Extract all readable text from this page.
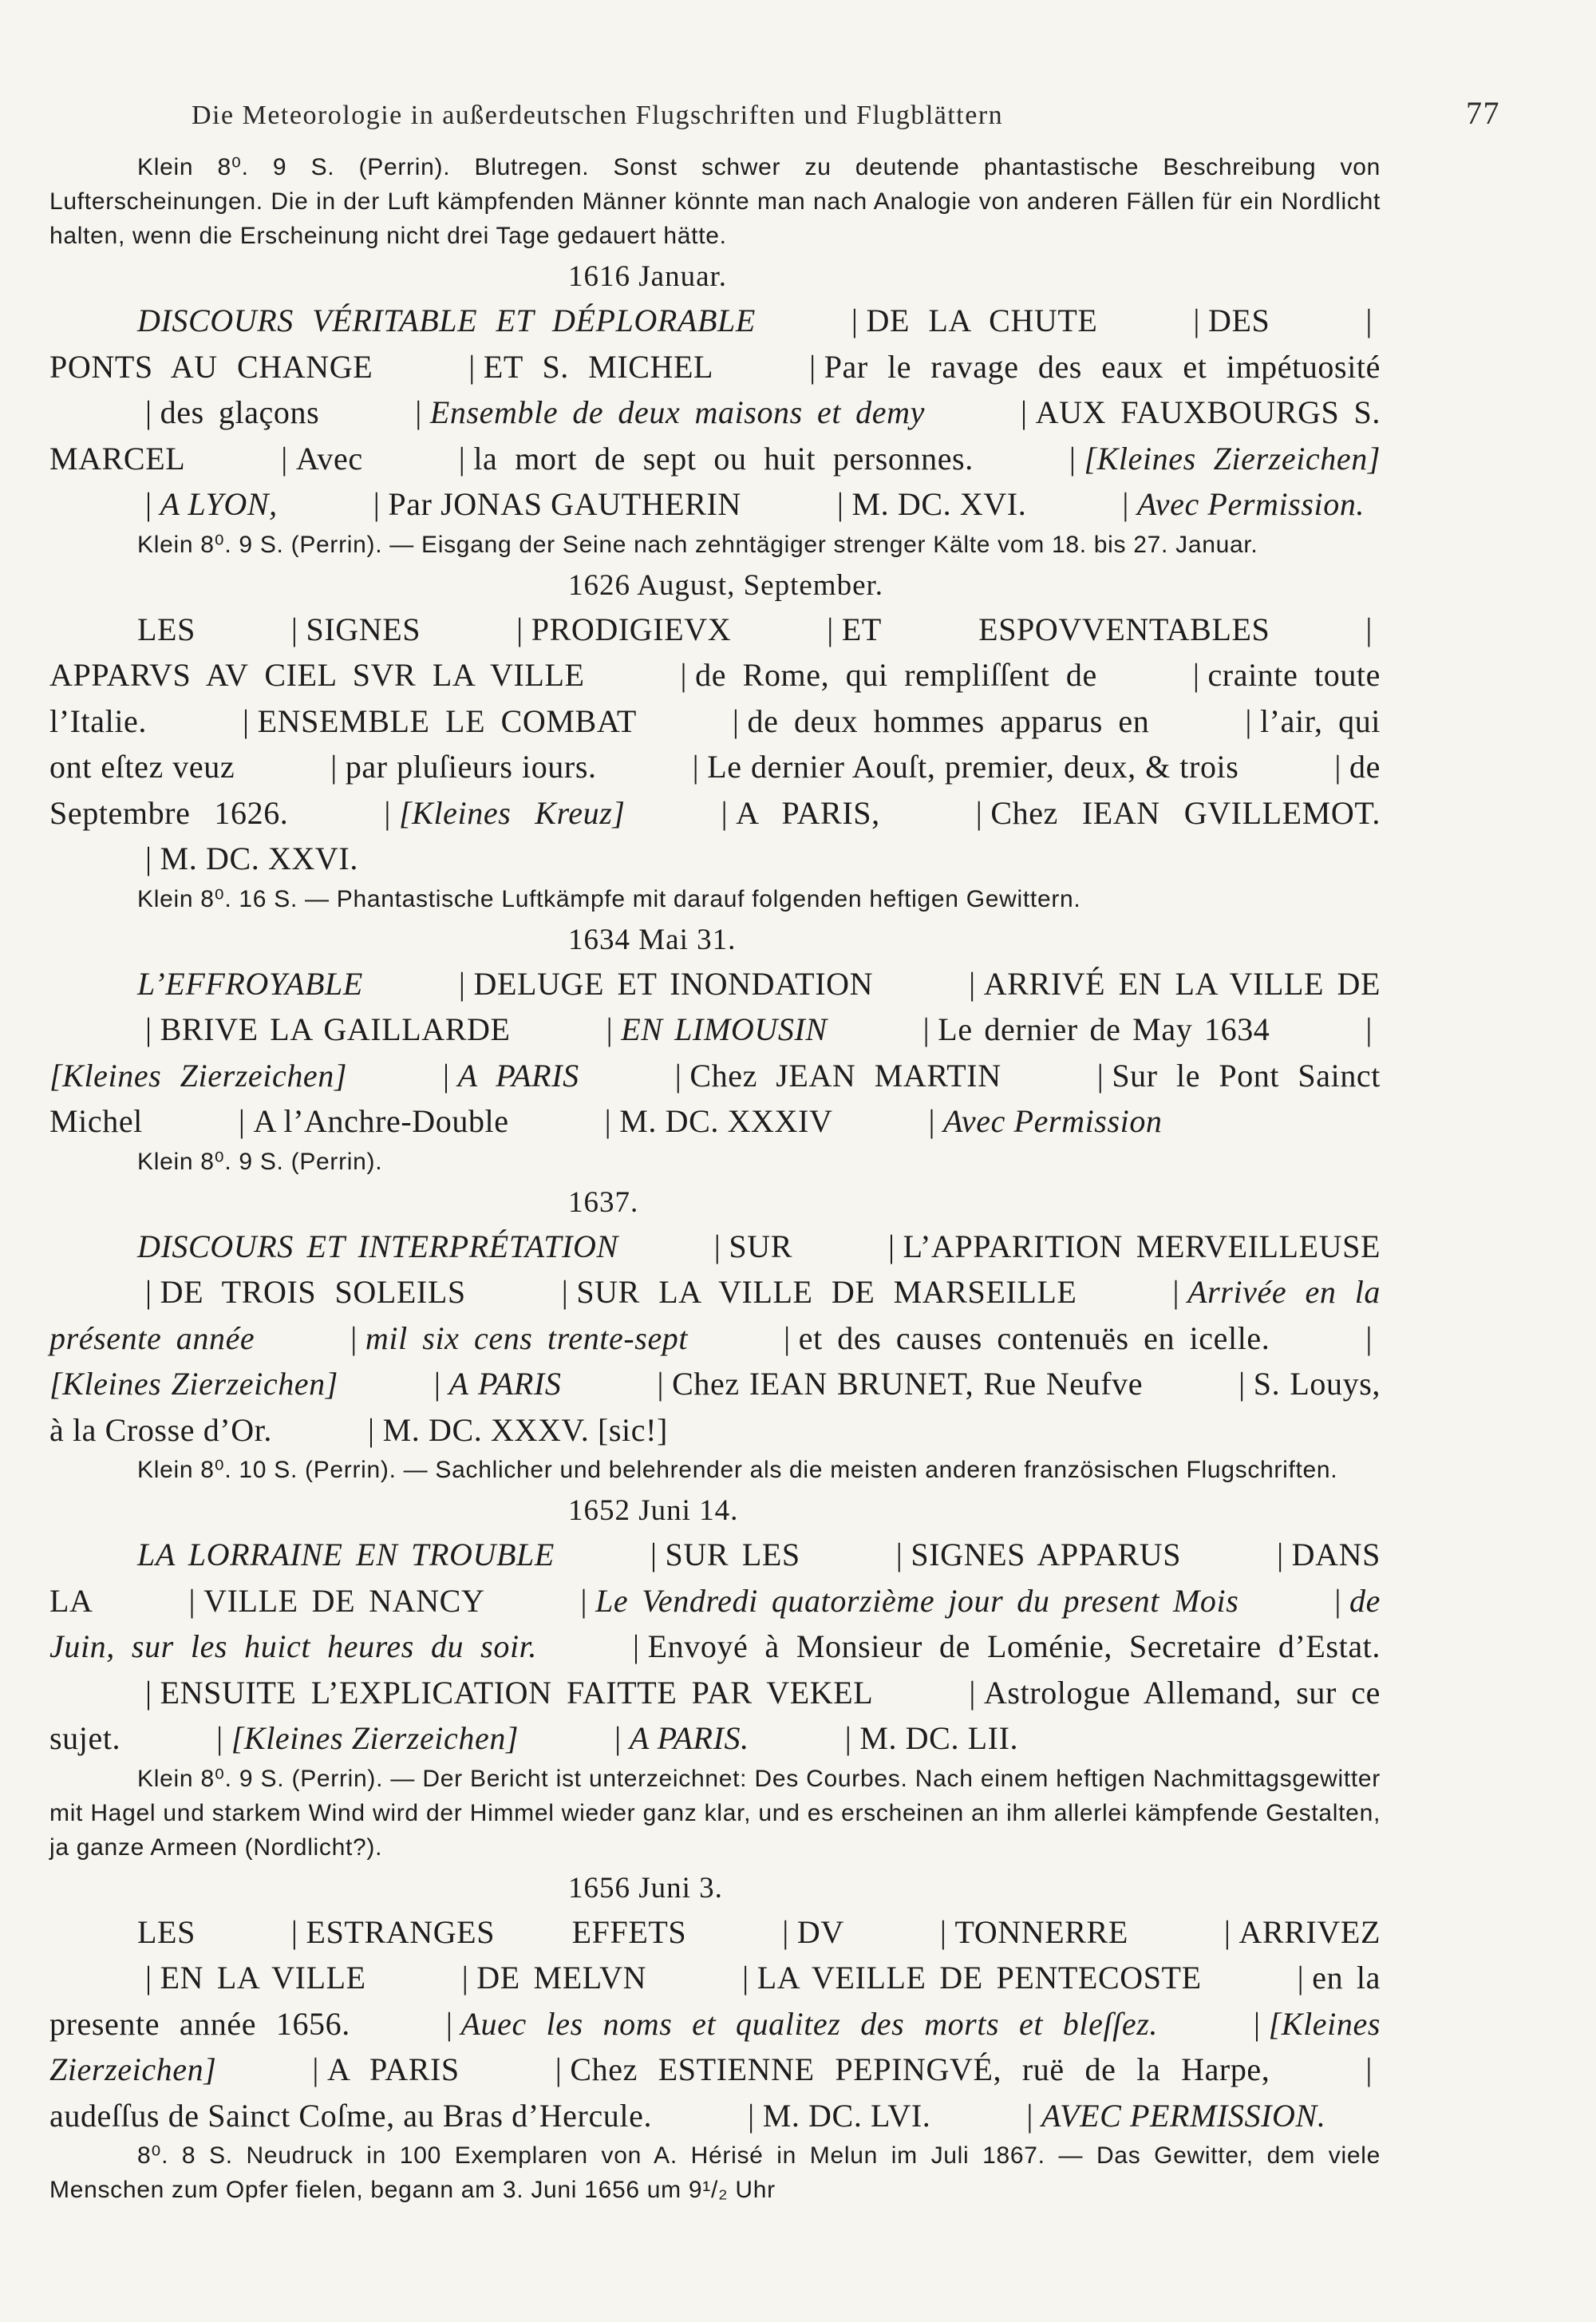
Die Meteorologie in außerdeutschen Flugschriften und Flugblättern	77

Klein 8⁰. 9 S. (Perrin). Blutregen. Sonst schwer zu deutende phantastische Beschreibung von Lufterscheinungen. Die in der Luft kämpfenden Männer könnte man nach Analogie von anderen Fällen für ein Nordlicht halten, wenn die Erscheinung nicht drei Tage gedauert hätte.

1616 Januar.

DISCOURS VÉRITABLE ET DÉPLORABLE	| DE LA CHUTE	| DES	|PONTS AU CHANGE	| ET S. MICHEL	| Par le ravage des eaux et impétuosité| des glaçons	| Ensemble de deux maisons et demy	| AUX FAUXBOURGS S. MARCEL	| Avec	| la mort de sept ou huit personnes.	| [Kleines Zierzeichen]| A LYON,	| Par JONAS GAUTHERIN	| M. DC. XVI.	| Avec Permission.

Klein 8⁰. 9 S. (Perrin). — Eisgang der Seine nach zehntägiger strenger Kälte vom 18. bis 27. Januar.

1626 August, September.

LES	| SIGNES	| PRODIGIEVX	| ET ESPOVVENTABLES	|APPARVS AV CIEL SVR LA VILLE	| de Rome, qui rempliſſent de	| crainte toute l’Italie.	| ENSEMBLE LE COMBAT	| de deux hommes apparus en	| l’air, qui ont eſtez veuz	| par pluſieurs iours.	| Le dernier Aouſt, premier, deux, & trois	| de Septembre 1626.	| [Kleines Kreuz]	| A PARIS,	| Chez IEAN GVILLEMOT.| M. DC. XXVI.

Klein 8⁰. 16 S. — Phantastische Luftkämpfe mit darauf folgenden heftigen Gewittern.

1634 Mai 31.

L’EFFROYABLE	| DELUGE ET INONDATION	| ARRIVÉ EN LA VILLE DE| BRIVE LA GAILLARDE	| EN LIMOUSIN	| Le dernier de May 1634	|[Kleines Zierzeichen]	| A PARIS	| Chez JEAN MARTIN	| Sur le Pont Sainct Michel	| A l’Anchre-Double	| M. DC. XXXIV	| Avec Permission

Klein 8⁰. 9 S. (Perrin).

1637.

DISCOURS ET INTERPRÉTATION	| SUR	| L’APPARITION MERVEILLEUSE| DE TROIS SOLEILS	| SUR LA VILLE DE MARSEILLE	| Arrivée en la présente année	| mil six cens trente-sept	| et des causes contenuës en icelle.	|[Kleines Zierzeichen]	| A PARIS	| Chez IEAN BRUNET, Rue Neufve	| S. Louys, à la Crosse d’Or.	| M. DC. XXXV. [sic!]

Klein 8⁰. 10 S. (Perrin). — Sachlicher und belehrender als die meisten anderen französischen Flugschriften.

1652 Juni 14.

LA LORRAINE EN TROUBLE	| SUR LES	| SIGNES APPARUS	| DANS LA	| VILLE DE NANCY	| Le Vendredi quatorzième jour du present Mois	| de Juin, sur les huict heures du soir.	| Envoyé à Monsieur de Loménie, Secretaire d’Estat.| ENSUITE L’EXPLICATION FAITTE PAR VEKEL	| Astrologue Allemand, sur ce sujet.	| [Kleines Zierzeichen]	| A PARIS.	| M. DC. LII.

Klein 8⁰. 9 S. (Perrin). — Der Bericht ist unterzeichnet: Des Courbes. Nach einem heftigen Nachmittagsgewitter mit Hagel und starkem Wind wird der Himmel wieder ganz klar, und es erscheinen an ihm allerlei kämpfende Gestalten, ja ganze Armeen (Nordlicht?).

1656 Juni 3.

LES	| ESTRANGES EFFETS	| DV	| TONNERRE	| ARRIVEZ| EN LA VILLE	| DE MELVN	| LA VEILLE DE PENTECOSTE	| en la presente année 1656.	| Auec les noms et qualitez des morts et bleſſez.	| [Kleines Zierzeichen]	| A PARIS	| Chez ESTIENNE PEPINGVÉ, ruë de la Harpe,	|audeſſus de Sainct Coſme, au Bras d’Hercule.	| M. DC. LVI.	| AVEC PERMISSION.

8⁰. 8 S. Neudruck in 100 Exemplaren von A. Hérisé in Melun im Juli 1867. — Das Gewitter, dem viele Menschen zum Opfer fielen, begann am 3. Juni 1656 um 9¹/₂ Uhr
